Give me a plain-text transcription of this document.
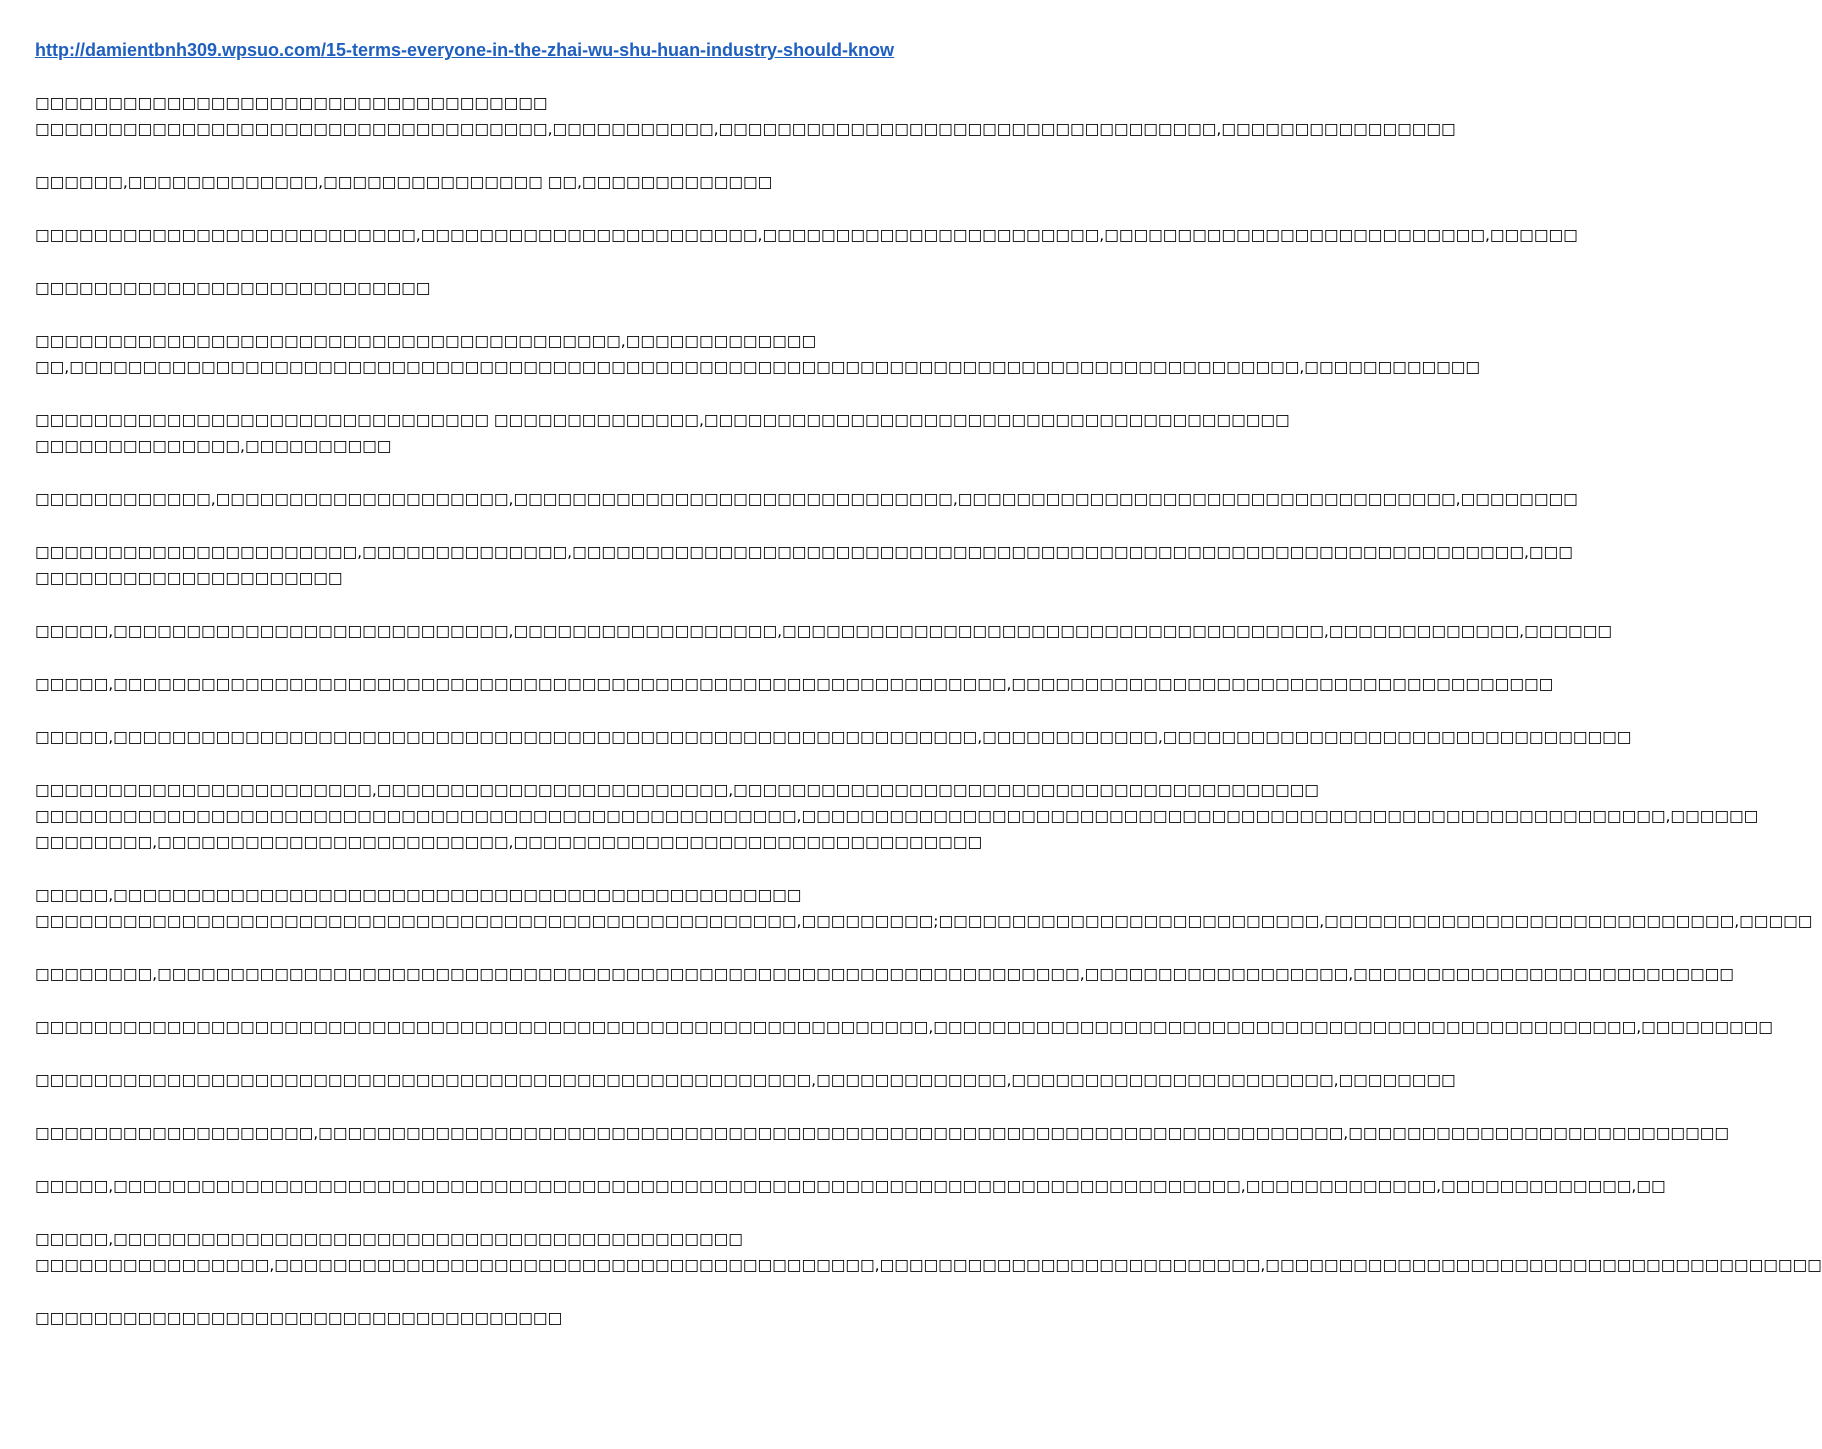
http://damientbnh309.wpsuo.com/15-terms-everyone-in-the-zhai-wu-shu-huan-industry-should-know
□□□□□□□□□□□□□□□□□□□□□□□□□□□□□□□□□□□
□□□□□□□□□□□□□□□□□□□□□□□□□□□□□□□□□□□,□□□□□□□□□□□,□□□□□□□□□□□□□□□□□□□□□□□□□□□□□□□□□□,□□□□□□□□□□□□□□□□
□□□□□□,□□□□□□□□□□□□□,□□□□□□□□□□□□□□□ □□,□□□□□□□□□□□□□
□□□□□□□□□□□□□□□□□□□□□□□□□□,□□□□□□□□□□□□□□□□□□□□□□□,□□□□□□□□□□□□□□□□□□□□□□□,□□□□□□□□□□□□□□□□□□□□□□□□□□,□□□□□□
□□□□□□□□□□□□□□□□□□□□□□□□□□□
□□□□□□□□□□□□□□□□□□□□□□□□□□□□□□□□□□□□□□□□,□□□□□□□□□□□□□
□□,□□□□□□□□□□□□□□□□□□□□□□□□□□□□□□□□□□□□□□□□□□□□□□□□□□□□□□□□□□□□□□□□□□□□□□□□□□□□□□□□□□□□,□□□□□□□□□□□□
□□□□□□□□□□□□□□□□□□□□□□□□□□□□□□□ □□□□□□□□□□□□□□,□□□□□□□□□□□□□□□□□□□□□□□□□□□□□□□□□□□□□□□□
□□□□□□□□□□□□□□,□□□□□□□□□□
□□□□□□□□□□□□,□□□□□□□□□□□□□□□□□□□□,□□□□□□□□□□□□□□□□□□□□□□□□□□□□□□,□□□□□□□□□□□□□□□□□□□□□□□□□□□□□□□□□□,□□□□□□□□
□□□□□□□□□□□□□□□□□□□□□□,□□□□□□□□□□□□□□,□□□□□□□□□□□□□□□□□□□□□□□□□□□□□□□□□□□□□□□□□□□□□□□□□□□□□□□□□□□□□□□□□,□□□
□□□□□□□□□□□□□□□□□□□□□
□□□□□,□□□□□□□□□□□□□□□□□□□□□□□□□□□,□□□□□□□□□□□□□□□□□□,□□□□□□□□□□□□□□□□□□□□□□□□□□□□□□□□□□□□□,□□□□□□□□□□□□□,□□□□□□
□□□□□,□□□□□□□□□□□□□□□□□□□□□□□□□□□□□□□□□□□□□□□□□□□□□□□□□□□□□□□□□□□□□,□□□□□□□□□□□□□□□□□□□□□□□□□□□□□□□□□□□□□
□□□□□,□□□□□□□□□□□□□□□□□□□□□□□□□□□□□□□□□□□□□□□□□□□□□□□□□□□□□□□□□□□,□□□□□□□□□□□□,□□□□□□□□□□□□□□□□□□□□□□□□□□□□□□□□
□□□□□□□□□□□□□□□□□□□□□□□,□□□□□□□□□□□□□□□□□□□□□□□□,□□□□□□□□□□□□□□□□□□□□□□□□□□□□□□□□□□□□□□□□
□□□□□□□□□□□□□□□□□□□□□□□□□□□□□□□□□□□□□□□□□□□□□□□□□□□□,□□□□□□□□□□□□□□□□□□□□□□□□□□□□□□□□□□□□□□□□□□□□□□□□□□□□□□□□□□□,□□□□□□
□□□□□□□□,□□□□□□□□□□□□□□□□□□□□□□□□,□□□□□□□□□□□□□□□□□□□□□□□□□□□□□□□□
□□□□□,□□□□□□□□□□□□□□□□□□□□□□□□□□□□□□□□□□□□□□□□□□□□□□□
□□□□□□□□□□□□□□□□□□□□□□□□□□□□□□□□□□□□□□□□□□□□□□□□□□□□,□□□□□□□□□;□□□□□□□□□□□□□□□□□□□□□□□□□□,□□□□□□□□□□□□□□□□□□□□□□□□□□□□,□□□□□
□□□□□□□□,□□□□□□□□□□□□□□□□□□□□□□□□□□□□□□□□□□□□□□□□□□□□□□□□□□□□□□□□□□□□□□□,□□□□□□□□□□□□□□□□□□,□□□□□□□□□□□□□□□□□□□□□□□□□□
□□□□□□□□□□□□□□□□□□□□□□□□□□□□□□□□□□□□□□□□□□□□□□□□□□□□□□□□□□□□□,□□□□□□□□□□□□□□□□□□□□□□□□□□□□□□□□□□□□□□□□□□□□□□□□,□□□□□□□□□
□□□□□□□□□□□□□□□□□□□□□□□□□□□□□□□□□□□□□□□□□□□□□□□□□□□□□,□□□□□□□□□□□□□,□□□□□□□□□□□□□□□□□□□□□□,□□□□□□□□
□□□□□□□□□□□□□□□□□□□,□□□□□□□□□□□□□□□□□□□□□□□□□□□□□□□□□□□□□□□□□□□□□□□□□□□□□□□□□□□□□□□□□□□□□□,□□□□□□□□□□□□□□□□□□□□□□□□□□
□□□□□,□□□□□□□□□□□□□□□□□□□□□□□□□□□□□□□□□□□□□□□□□□□□□□□□□□□□□□□□□□□□□□□□□□□□□□□□□□□□□,□□□□□□□□□□□□□,□□□□□□□□□□□□□,□□
□□□□□,□□□□□□□□□□□□□□□□□□□□□□□□□□□□□□□□□□□□□□□□□□□
□□□□□□□□□□□□□□□□,□□□□□□□□□□□□□□□□□□□□□□□□□□□□□□□□□□□□□□□□□,□□□□□□□□□□□□□□□□□□□□□□□□□□,□□□□□□□□□□□□□□□□□□□□□□□□□□□□□□□□□□□□□□
□□□□□□□□□□□□□□□□□□□□□□□□□□□□□□□□□□□□
